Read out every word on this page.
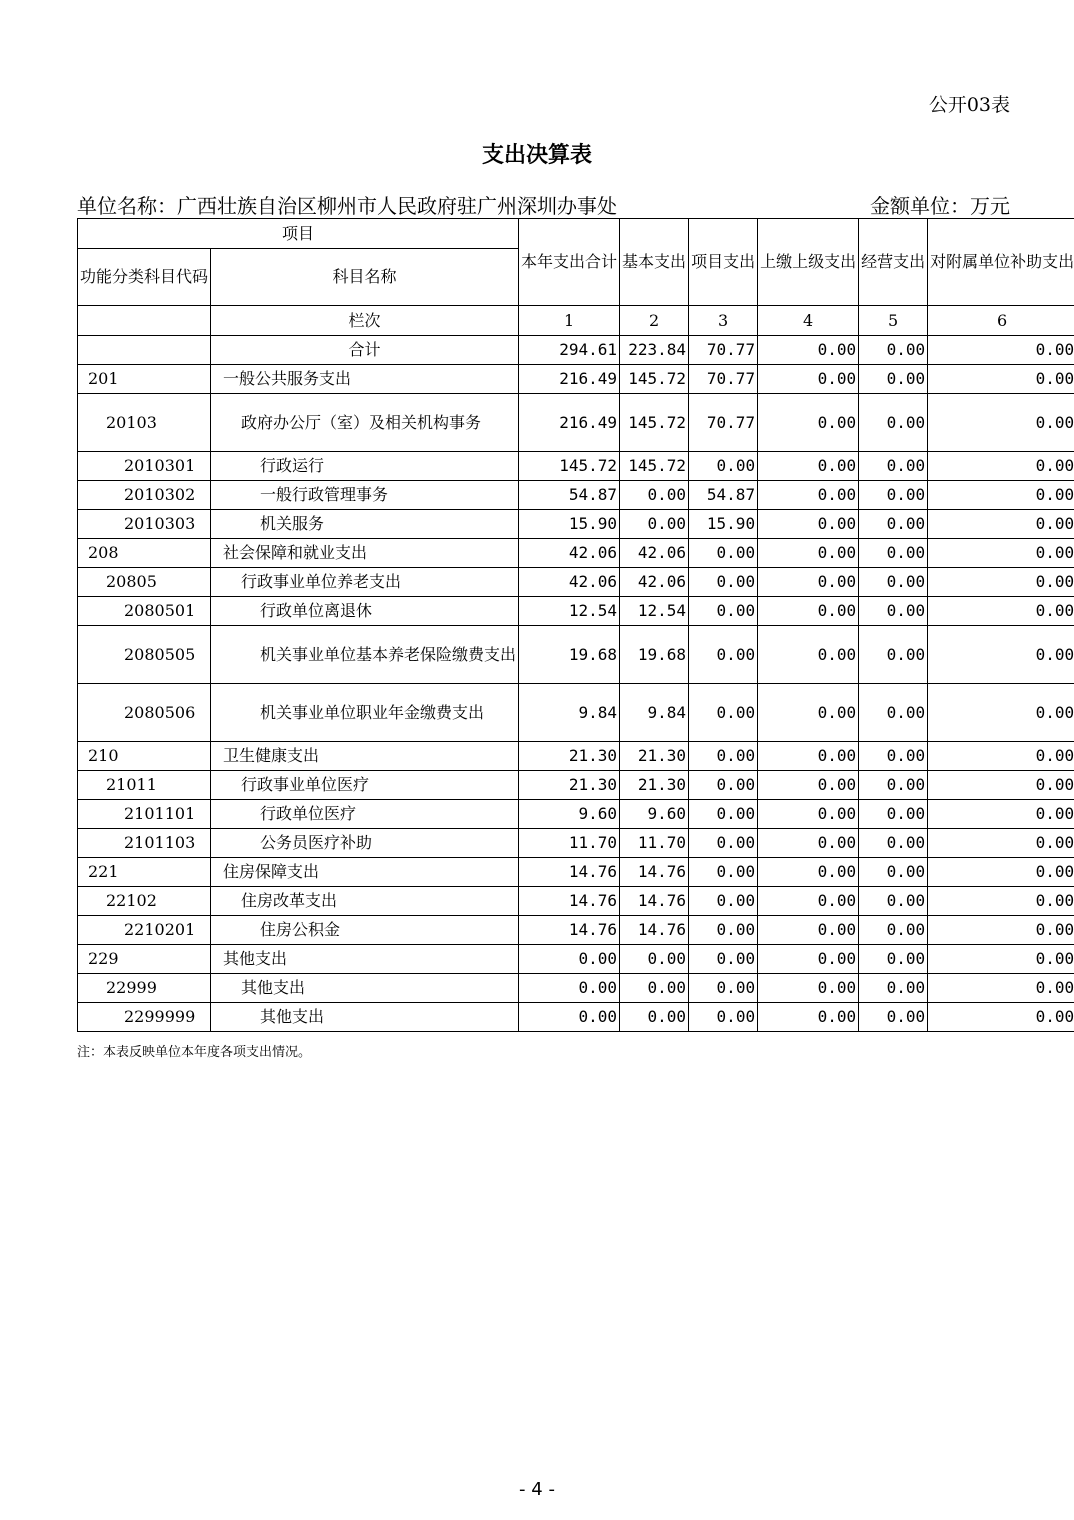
公开03表
支出决算表
单位名称：广西壮族自治区柳州市人民政府驻广州深圳办事处	金额单位：万元
项目		本年支出合计	基本支出	项目支出	上缴上级支出	经营支出	对附属单位补助支出
功能分类科目代码	科目名称						
	栏次	1	2	3	4	5	6
	合计	294.61	223.84	70.77	0.00	0.00	0.00
201	一般公共服务支出	216.49	145.72	70.77	0.00	0.00	0.00
20103	政府办公厅（室）及相关机构事务	216.49	145.72	70.77	0.00	0.00	0.00
2010301	行政运行	145.72	145.72	0.00	0.00	0.00	0.00
2010302	一般行政管理事务	54.87	0.00	54.87	0.00	0.00	0.00
2010303	机关服务	15.90	0.00	15.90	0.00	0.00	0.00
208	社会保障和就业支出	42.06	42.06	0.00	0.00	0.00	0.00
20805	行政事业单位养老支出	42.06	42.06	0.00	0.00	0.00	0.00
2080501	行政单位离退休	12.54	12.54	0.00	0.00	0.00	0.00
2080505	机关事业单位基本养老保险缴费支出	19.68	19.68	0.00	0.00	0.00	0.00
2080506	机关事业单位职业年金缴费支出	9.84	9.84	0.00	0.00	0.00	0.00
210	卫生健康支出	21.30	21.30	0.00	0.00	0.00	0.00
21011	行政事业单位医疗	21.30	21.30	0.00	0.00	0.00	0.00
2101101	行政单位医疗	9.60	9.60	0.00	0.00	0.00	0.00
2101103	公务员医疗补助	11.70	11.70	0.00	0.00	0.00	0.00
221	住房保障支出	14.76	14.76	0.00	0.00	0.00	0.00
22102	住房改革支出	14.76	14.76	0.00	0.00	0.00	0.00
2210201	住房公积金	14.76	14.76	0.00	0.00	0.00	0.00
229	其他支出	0.00	0.00	0.00	0.00	0.00	0.00
22999	其他支出	0.00	0.00	0.00	0.00	0.00	0.00
2299999	其他支出	0.00	0.00	0.00	0.00	0.00	0.00
注：本表反映单位本年度各项支出情况。
- 4 -
